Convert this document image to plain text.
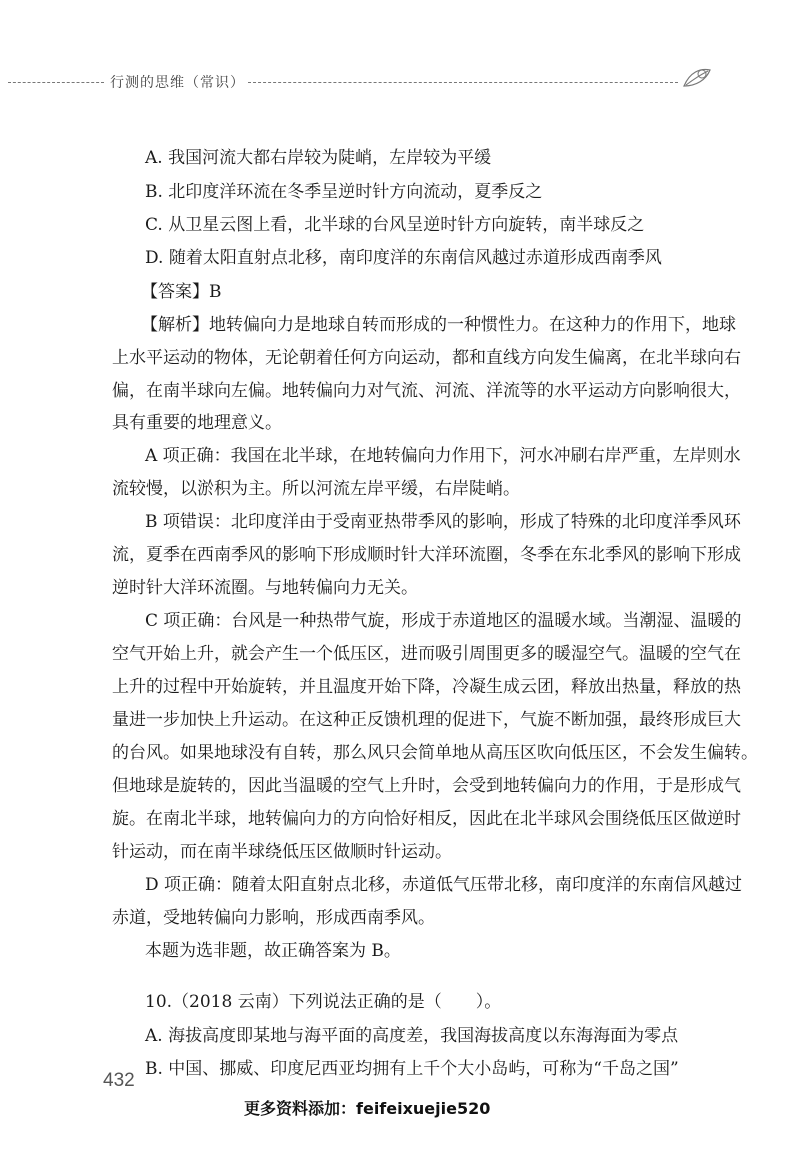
行测的思维（常识）
A. 我国河流大都右岸较为陡峭，左岸较为平缓
B. 北印度洋环流在冬季呈逆时针方向流动，夏季反之
C. 从卫星云图上看，北半球的台风呈逆时针方向旋转，南半球反之
D. 随着太阳直射点北移，南印度洋的东南信风越过赤道形成西南季风
【答案】B
【解析】地转偏向力是地球自转而形成的一种惯性力。在这种力的作用下，地球
上水平运动的物体，无论朝着任何方向运动，都和直线方向发生偏离，在北半球向右
偏，在南半球向左偏。地转偏向力对气流、河流、洋流等的水平运动方向影响很大，
具有重要的地理意义。
A 项正确：我国在北半球，在地转偏向力作用下，河水冲刷右岸严重，左岸则水
流较慢，以淤积为主。所以河流左岸平缓，右岸陡峭。
B 项错误：北印度洋由于受南亚热带季风的影响，形成了特殊的北印度洋季风环
流，夏季在西南季风的影响下形成顺时针大洋环流圈，冬季在东北季风的影响下形成
逆时针大洋环流圈。与地转偏向力无关。
C 项正确：台风是一种热带气旋，形成于赤道地区的温暖水域。当潮湿、温暖的
空气开始上升，就会产生一个低压区，进而吸引周围更多的暖湿空气。温暖的空气在
上升的过程中开始旋转，并且温度开始下降，冷凝生成云团，释放出热量，释放的热
量进一步加快上升运动。在这种正反馈机理的促进下，气旋不断加强，最终形成巨大
的台风。如果地球没有自转，那么风只会简单地从高压区吹向低压区，不会发生偏转。
但地球是旋转的，因此当温暖的空气上升时，会受到地转偏向力的作用，于是形成气
旋。在南北半球，地转偏向力的方向恰好相反，因此在北半球风会围绕低压区做逆时
针运动，而在南半球绕低压区做顺时针运动。
D 项正确：随着太阳直射点北移，赤道低气压带北移，南印度洋的东南信风越过
赤道，受地转偏向力影响，形成西南季风。
本题为选非题，故正确答案为 B。
10.（2018 云南）下列说法正确的是（　　）。
A. 海拔高度即某地与海平面的高度差，我国海拔高度以东海海面为零点
B. 中国、挪威、印度尼西亚均拥有上千个大小岛屿，可称为“千岛之国”
432
更多资料添加：feifeixuejie520
